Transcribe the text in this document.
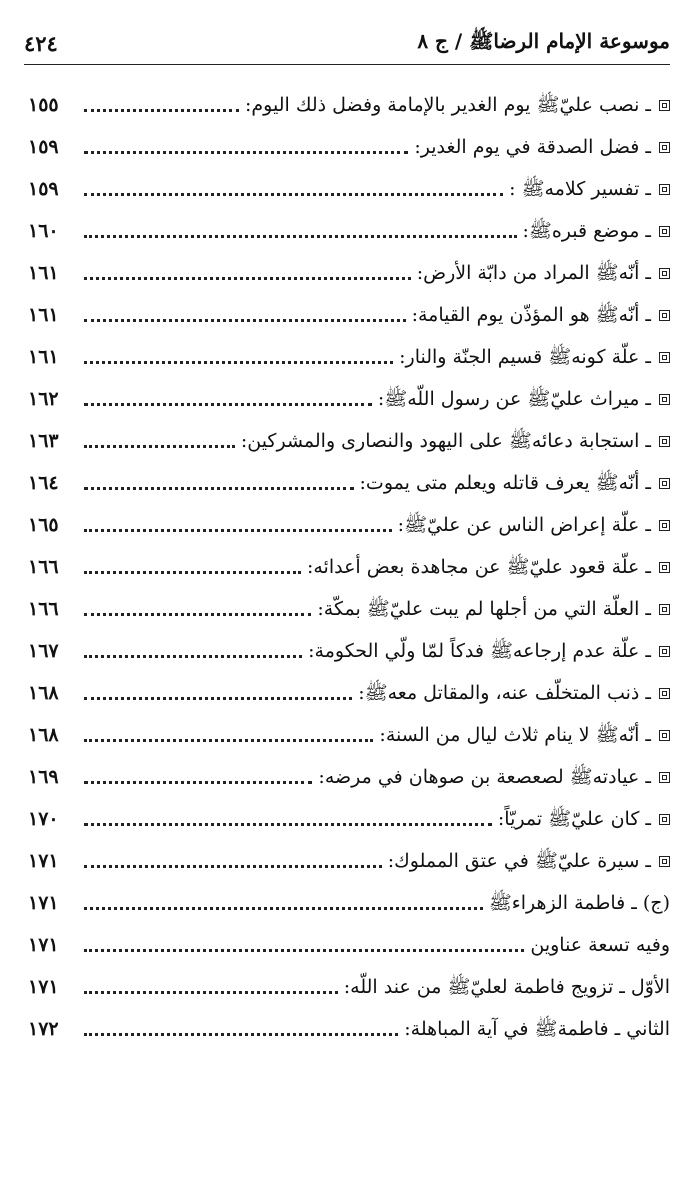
موسوعة الإمام الرضاﷺ / ج ٨
٤٢٤
ـ نصب عليّﷺ يوم الغدير بالإمامة وفضل ذلك اليوم:
١٥٥
ـ فضل الصدقة في يوم الغدير:
١٥٩
ـ تفسير كلامهﷺ :
١٥٩
ـ موضع قبرهﷺ:
١٦٠
ـ أنّهﷺ المراد من دابّة الأرض:
١٦١
ـ أنّهﷺ هو المؤذّن يوم القيامة:
١٦١
ـ علّة كونهﷺ قسيم الجنّة والنار:
١٦١
ـ ميراث عليّﷺ عن رسول اللّهﷺ:
١٦٢
ـ استجابة دعائهﷺ على اليهود والنصارى والمشركين:
١٦٣
ـ أنّهﷺ يعرف قاتله ويعلم متى يموت:
١٦٤
ـ علّة إعراض الناس عن عليّﷺ:
١٦٥
ـ علّة قعود عليّﷺ عن مجاهدة بعض أعدائه:
١٦٦
ـ العلّة التي من أجلها لم يبت عليّﷺ بمكّة:
١٦٦
ـ علّة عدم إرجاعهﷺ فدكاً لمّا ولّي الحكومة:
١٦٧
ـ ذنب المتخلّف عنه، والمقاتل معهﷺ:
١٦٨
ـ أنّهﷺ لا ينام ثلاث ليال من السنة:
١٦٨
ـ عيادتهﷺ لصعصعة بن صوهان في مرضه:
١٦٩
ـ كان عليّﷺ تمريّاً:
١٧٠
ـ سيرة عليّﷺ في عتق المملوك:
١٧١
(ج) ـ فاطمة الزهراءﷺ
١٧١
وفيه تسعة عناوين
١٧١
الأوّل ـ تزويج فاطمة لعليّﷺ من عند اللّه:
١٧١
الثاني ـ فاطمةﷺ في آية المباهلة:
١٧٢
